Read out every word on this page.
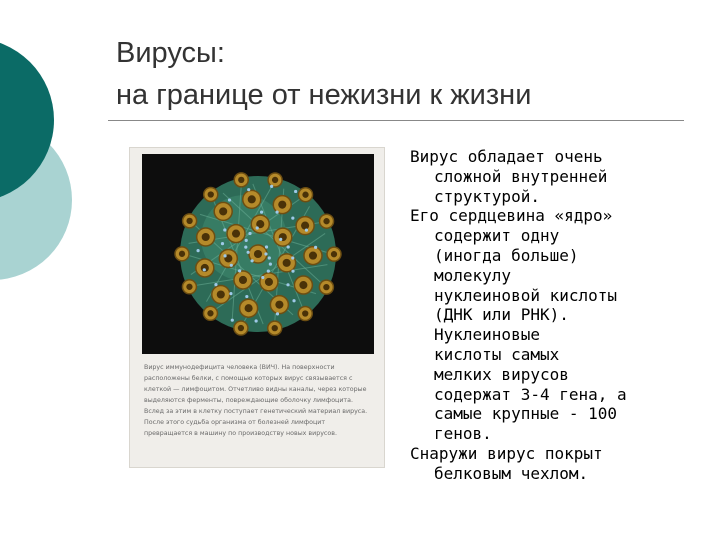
Вирусы:
на границе от нежизни к жизни
Вирус иммунодефицита человека (ВИЧ). На поверхности расположены белки, с помощью которых вирус связывается с клеткой — лимфоцитом. Отчетливо видны каналы, через которые выделяются ферменты, повреждающие оболочку лимфоцита. Вслед за этим в клетку поступает генетический материал вируса. После этого судьба организма от болезней лимфоцит превращается в машину по производству новых вирусов.

Вирус обладает очень
сложной внутренней
структурой.

Его сердцевина «ядро»
содержит одну
(иногда больше)
молекулу
нуклеиновой кислоты
(ДНК или РНК).
Нуклеиновые
кислоты самых
мелких вирусов
содержат 3-4 гена, а
самые крупные - 100
генов.

Снаружи вирус покрыт
белковым чехлом.
